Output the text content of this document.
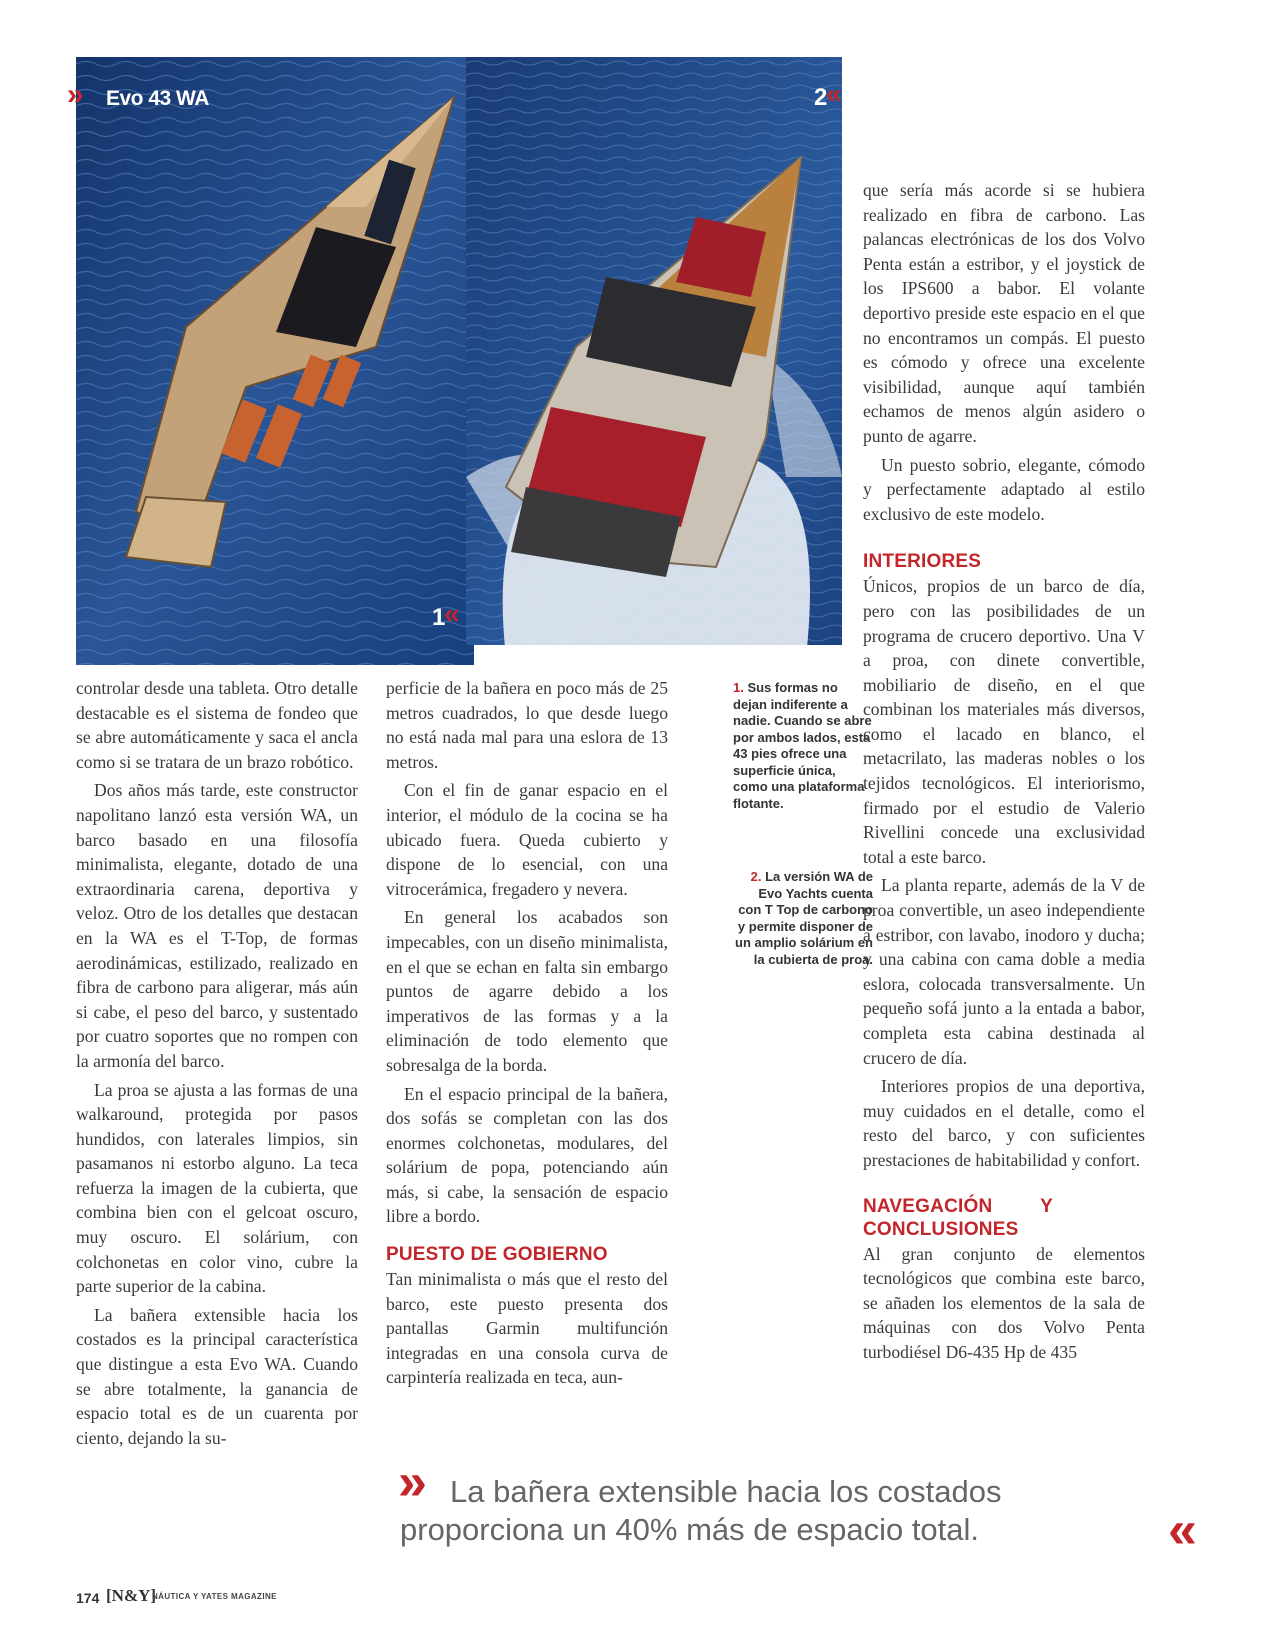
» Evo 43 WA
1
«
2
«

controlar desde una tableta. Otro detalle destacable es el sistema de fondeo que se abre automáticamente y saca el ancla como si se tratara de un brazo robótico.

Dos años más tarde, este constructor napolitano lanzó esta versión WA, un barco basado en una filosofía minimalista, elegante, dotado de una extraordinaria carena, deportiva y veloz. Otro de los detalles que destacan en la WA es el T-Top, de formas aerodinámicas, estilizado, realizado en fibra de carbono para aligerar, más aún si cabe, el peso del barco, y sustentado por cuatro soportes que no rompen con la armonía del barco.

La proa se ajusta a las formas de una walkaround, protegida por pasos hundidos, con laterales limpios, sin pasamanos ni estorbo alguno. La teca refuerza la imagen de la cubierta, que combina bien con el gelcoat oscuro, muy oscuro. El solárium, con colchonetas en color vino, cubre la parte superior de la cabina.

La bañera extensible hacia los costados es la principal característica que distingue a esta Evo WA. Cuando se abre totalmente, la ganancia de espacio total es de un cuarenta por ciento, dejando la su-

perficie de la bañera en poco más de 25 metros cuadrados, lo que desde luego no está nada mal para una eslora de 13 metros.

Con el fin de ganar espacio en el interior, el módulo de la cocina se ha ubicado fuera. Queda cubierto y dispone de lo esencial, con una vitrocerámica, fregadero y nevera.

En general los acabados son impecables, con un diseño minimalista, en el que se echan en falta sin embargo puntos de agarre debido a los imperativos de las formas y a la eliminación de todo elemento que sobresalga de la borda.

En el espacio principal de la bañera, dos sofás se completan con las dos enormes colchonetas, modulares, del solárium de popa, potenciando aún más, si cabe, la sensación de espacio libre a bordo.

PUESTO DE GOBIERNO

Tan minimalista o más que el resto del barco, este puesto presenta dos pantallas Garmin multifunción integradas en una consola curva de carpintería realizada en teca, aun-

1. Sus formas no dejan indiferente a nadie. Cuando se abre por ambos lados, esta 43 pies ofrece una superficie única, como una plataforma flotante.
2. La versión WA de Evo Yachts cuenta con T Top de carbono y permite disponer de un amplio solárium en la cubierta de proa.

que sería más acorde si se hubiera realizado en fibra de carbono. Las palancas electrónicas de los dos Volvo Penta están a estribor, y el joystick de los IPS600 a babor. El volante deportivo preside este espacio en el que no encontramos un compás. El puesto es cómodo y ofrece una excelente visibilidad, aunque aquí también echamos de menos algún asidero o punto de agarre.

Un puesto sobrio, elegante, cómodo y perfectamente adaptado al estilo exclusivo de este modelo.

INTERIORES

Únicos, propios de un barco de día, pero con las posibilidades de un programa de crucero deportivo. Una V a proa, con dinete convertible, mobiliario de diseño, en el que combinan los materiales más diversos, como el lacado en blanco, el metacrilato, las maderas nobles o los tejidos tecnológicos. El interiorismo, firmado por el estudio de Valerio Rivellini concede una exclusividad total a este barco.

La planta reparte, además de la V de proa convertible, un aseo independiente a estribor, con lavabo, inodoro y ducha; y una cabina con cama doble a media eslora, colocada transversalmente. Un pequeño sofá junto a la entada a babor, completa esta cabina destinada al crucero de día.

Interiores propios de una deportiva, muy cuidados en el detalle, como el resto del barco, y con suficientes prestaciones de habitabilidad y confort.

NAVEGACIÓN Y CONCLUSIONES

Al gran conjunto de elementos tecnológicos que combina este barco, se añaden los elementos de la sala de máquinas con dos Volvo Penta turbodiésel D6-435 Hp de 435

»	La bañera extensible hacia los costados proporciona un 40% más de espacio total.	«
174 [N&Y]
NÁUTICA Y YATES MAGAZINE
